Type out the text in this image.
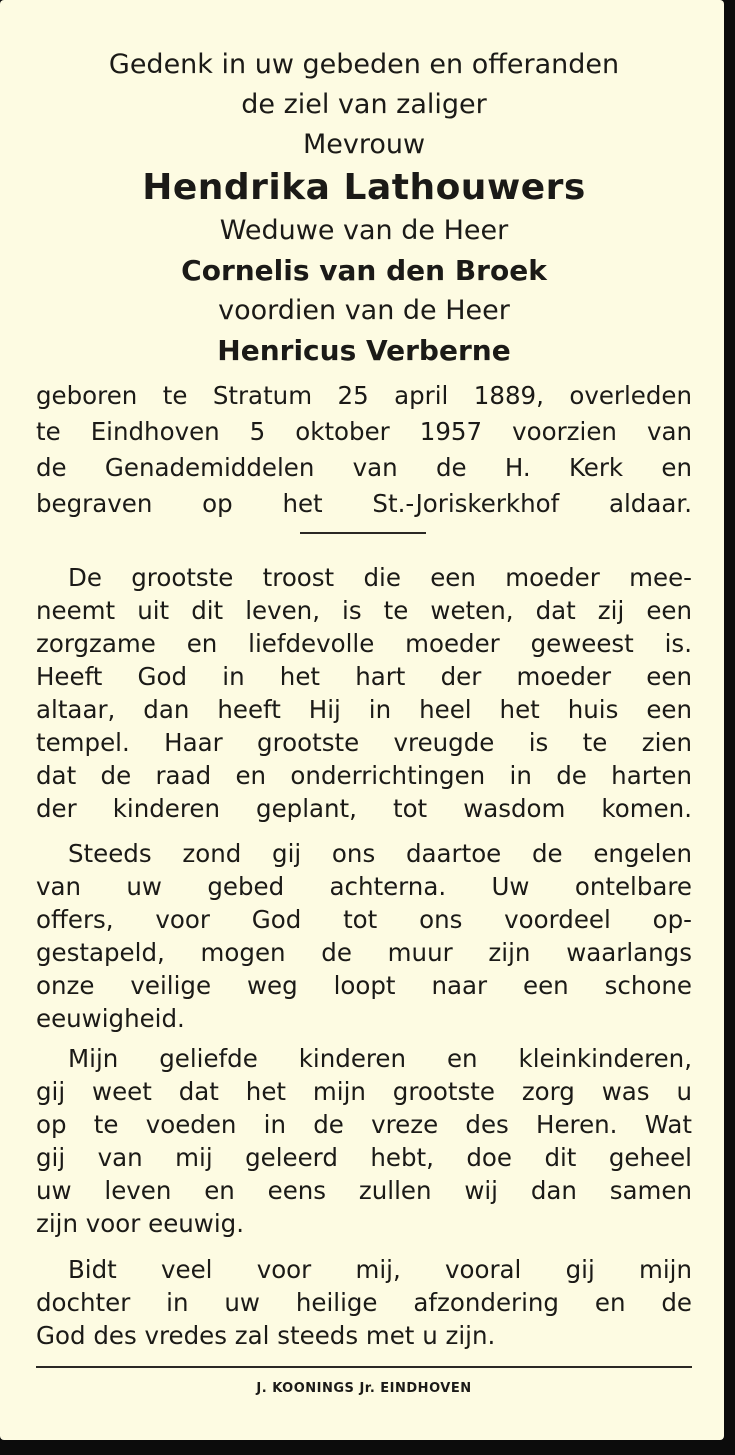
Gedenk in uw gebeden en offeranden
de ziel van zaliger
Mevrouw
Hendrika Lathouwers
Weduwe van de Heer
Cornelis van den Broek
voordien van de Heer
Henricus Verberne
geboren te Stratum 25 april 1889, overleden
te Eindhoven 5 oktober 1957 voorzien van
de Genademiddelen van de H. Kerk en
begraven op het St.-Joriskerkhof aldaar.
De grootste troost die een moeder mee-
neemt uit dit leven, is te weten, dat zij een
zorgzame en liefdevolle moeder geweest is.
Heeft God in het hart der moeder een
altaar, dan heeft Hij in heel het huis een
tempel. Haar grootste vreugde is te zien
dat de raad en onderrichtingen in de harten
der kinderen geplant, tot wasdom komen.
Steeds zond gij ons daartoe de engelen
van uw gebed achterna. Uw ontelbare
offers, voor God tot ons voordeel op-
gestapeld, mogen de muur zijn waarlangs
onze veilige weg loopt naar een schone
eeuwigheid.
Mijn geliefde kinderen en kleinkinderen,
gij weet dat het mijn grootste zorg was u
op te voeden in de vreze des Heren. Wat
gij van mij geleerd hebt, doe dit geheel
uw leven en eens zullen wij dan samen
zijn voor eeuwig.
Bidt veel voor mij, vooral gij mijn
dochter in uw heilige afzondering en de
God des vredes zal steeds met u zijn.
J. KOONINGS Jr. EINDHOVEN
